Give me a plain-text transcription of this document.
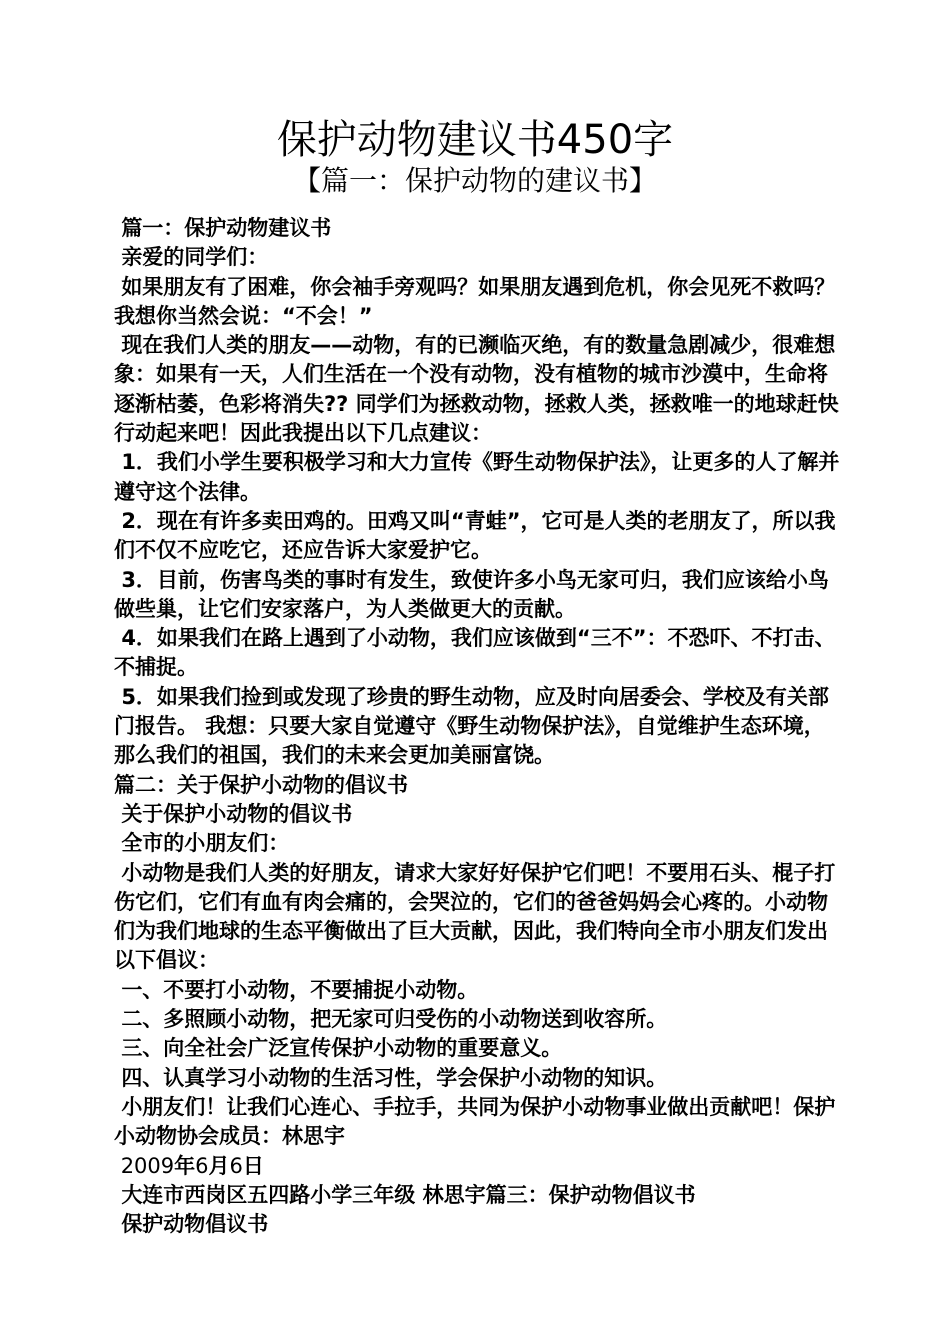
保护动物建议书450字
【篇一：保护动物的建议书】

篇一：保护动物建议书

亲爱的同学们：

如果朋友有了困难，你会袖手旁观吗？如果朋友遇到危机，你会见死不救吗？我想你当然会说：“不会！”

现在我们人类的朋友——动物，有的已濒临灭绝，有的数量急剧减少，很难想象：如果有一天，人们生活在一个没有动物，没有植物的城市沙漠中，生命将逐渐枯萎，色彩将消失?? 同学们为拯救动物，拯救人类，拯救唯一的地球赶快行动起来吧！因此我提出以下几点建议：

1．我们小学生要积极学习和大力宣传《野生动物保护法》，让更多的人了解并遵守这个法律。

2．现在有许多卖田鸡的。田鸡又叫“青蛙”，它可是人类的老朋友了，所以我们不仅不应吃它，还应告诉大家爱护它。

3．目前，伤害鸟类的事时有发生，致使许多小鸟无家可归，我们应该给小鸟做些巢，让它们安家落户，为人类做更大的贡献。

4．如果我们在路上遇到了小动物，我们应该做到“三不”：不恐吓、不打击、不捕捉。

5．如果我们捡到或发现了珍贵的野生动物，应及时向居委会、学校及有关部门报告。 我想：只要大家自觉遵守《野生动物保护法》，自觉维护生态环境，那么我们的祖国，我们的未来会更加美丽富饶。

篇二：关于保护小动物的倡议书

关于保护小动物的倡议书

全市的小朋友们：

小动物是我们人类的好朋友，请求大家好好保护它们吧！不要用石头、棍子打伤它们，它们有血有肉会痛的，会哭泣的，它们的爸爸妈妈会心疼的。小动物们为我们地球的生态平衡做出了巨大贡献，因此，我们特向全市小朋友们发出以下倡议：

一、不要打小动物，不要捕捉小动物。

二、多照顾小动物，把无家可归受伤的小动物送到收容所。

三、向全社会广泛宣传保护小动物的重要意义。

四、认真学习小动物的生活习性，学会保护小动物的知识。

小朋友们！让我们心连心、手拉手，共同为保护小动物事业做出贡献吧！保护小动物协会成员：林思宇

2009年6月6日

大连市西岗区五四路小学三年级 林思宇篇三：保护动物倡议书

保护动物倡议书
